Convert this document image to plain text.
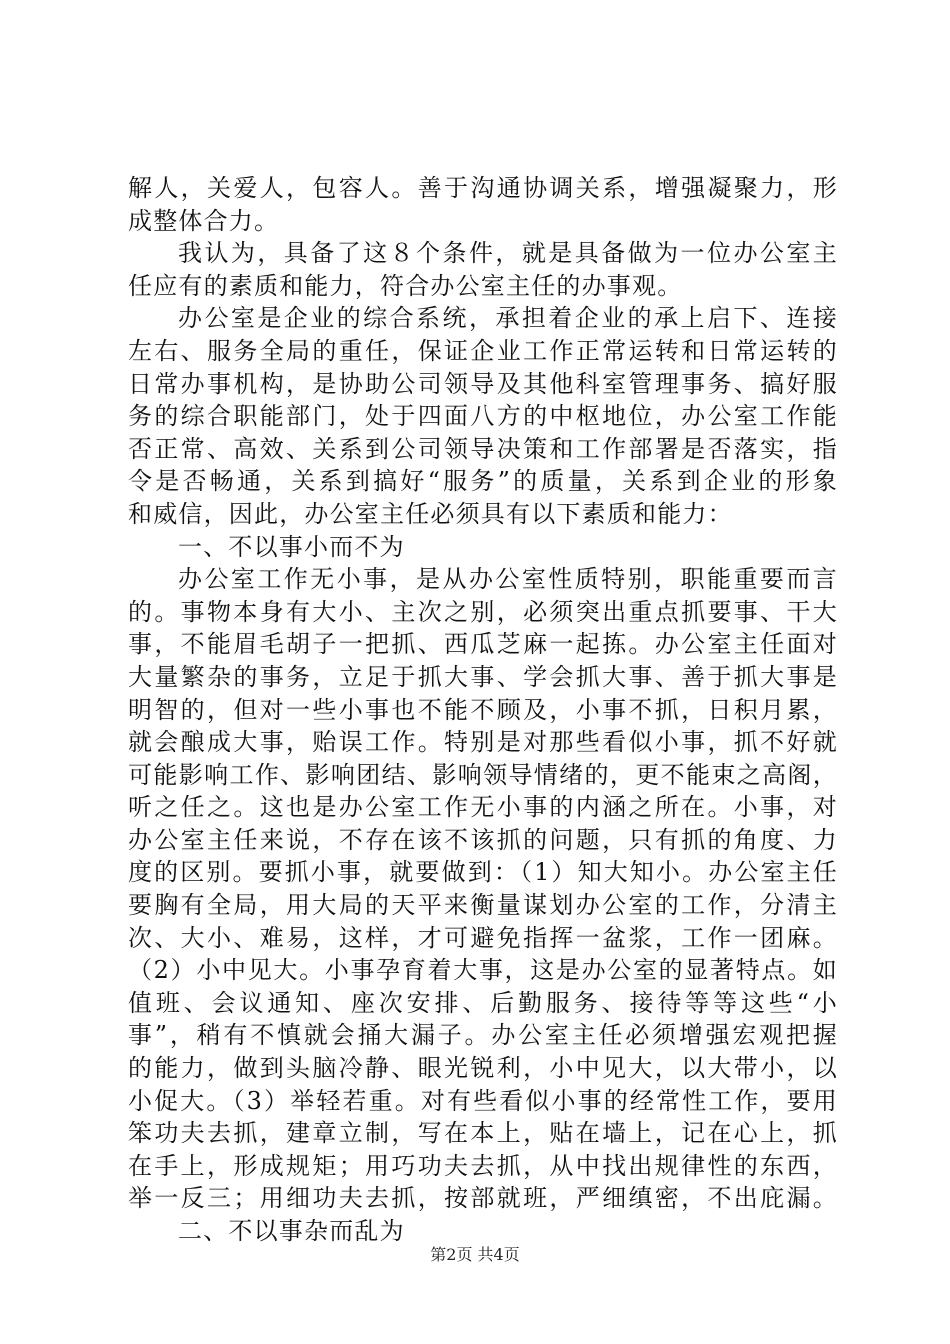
解人，关爱人，包容人。善于沟通协调关系，增强凝聚力，形
成整体合力。
我认为，具备了这８个条件，就是具备做为一位办公室主
任应有的素质和能力，符合办公室主任的办事观。
办公室是企业的综合系统，承担着企业的承上启下、连接
左右、服务全局的重任，保证企业工作正常运转和日常运转的
日常办事机构，是协助公司领导及其他科室管理事务、搞好服
务的综合职能部门，处于四面八方的中枢地位，办公室工作能
否正常、高效、关系到公司领导决策和工作部署是否落实，指
令是否畅通，关系到搞好“服务”的质量，关系到企业的形象
和威信，因此，办公室主任必须具有以下素质和能力：
一、不以事小而不为
办公室工作无小事，是从办公室性质特别，职能重要而言
的。事物本身有大小、主次之别，必须突出重点抓要事、干大
事，不能眉毛胡子一把抓、西瓜芝麻一起拣。办公室主任面对
大量繁杂的事务，立足于抓大事、学会抓大事、善于抓大事是
明智的，但对一些小事也不能不顾及，小事不抓，日积月累，
就会酿成大事，贻误工作。特别是对那些看似小事，抓不好就
可能影响工作、影响团结、影响领导情绪的，更不能束之高阁，
听之任之。这也是办公室工作无小事的内涵之所在。小事，对
办公室主任来说，不存在该不该抓的问题，只有抓的角度、力
度的区别。要抓小事，就要做到：（1）知大知小。办公室主任
要胸有全局，用大局的天平来衡量谋划办公室的工作，分清主
次、大小、难易，这样，才可避免指挥一盆浆，工作一团麻。
（2）小中见大。小事孕育着大事，这是办公室的显著特点。如
值班、会议通知、座次安排、后勤服务、接待等等这些“小
事”，稍有不慎就会捅大漏子。办公室主任必须增强宏观把握
的能力，做到头脑冷静、眼光锐利，小中见大，以大带小，以
小促大。（3）举轻若重。对有些看似小事的经常性工作，要用
笨功夫去抓，建章立制，写在本上，贴在墙上，记在心上，抓
在手上，形成规矩；用巧功夫去抓，从中找出规律性的东西，
举一反三；用细功夫去抓，按部就班，严细缜密，不出庇漏。
二、不以事杂而乱为
第2页 共4页
